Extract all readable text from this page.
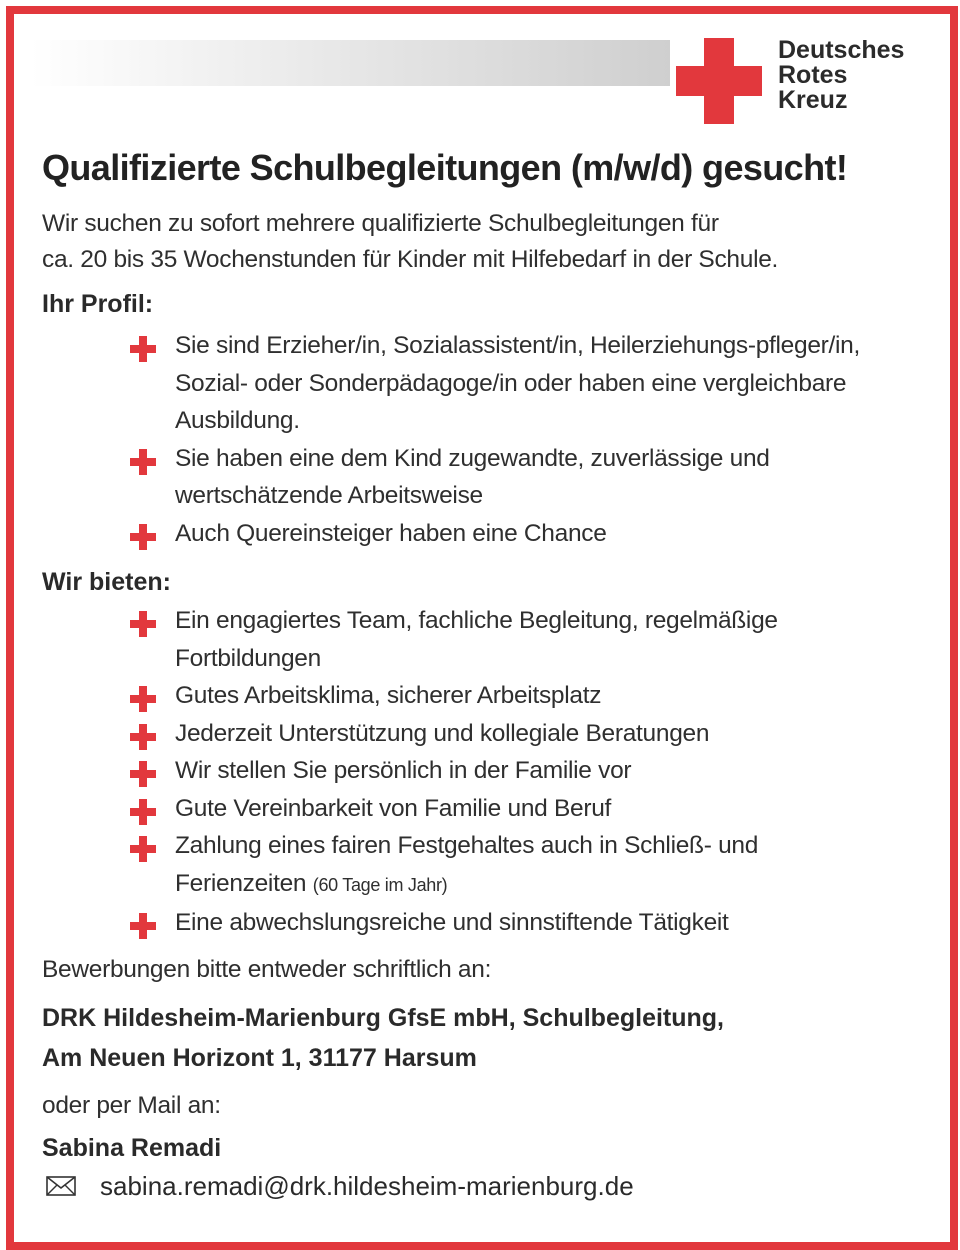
Deutsches
Rotes
Kreuz
Qualifizierte Schulbegleitungen (m/w/d) gesucht!
Wir suchen zu sofort mehrere qualifizierte Schulbegleitungen für
ca. 20 bis 35 Wochenstunden für Kinder mit Hilfebedarf in der Schule.
Ihr Profil:
Sie sind Erzieher/in, Sozialassistent/in, Heilerziehungs-pfleger/in, Sozial- oder Sonderpädagoge/in oder haben eine vergleichbare Ausbildung.
Sie haben eine dem Kind zugewandte, zuverlässige und wertschätzende Arbeitsweise
Auch Quereinsteiger haben eine Chance
Wir bieten:
Ein engagiertes Team, fachliche Begleitung, regelmäßige Fortbildungen
Gutes Arbeitsklima, sicherer Arbeitsplatz
Jederzeit Unterstützung und kollegiale Beratungen
Wir stellen Sie persönlich in der Familie vor
Gute Vereinbarkeit von Familie und Beruf
Zahlung eines fairen Festgehaltes auch in Schließ- und Ferienzeiten (60 Tage im Jahr)
Eine abwechslungsreiche und sinnstiftende Tätigkeit
Bewerbungen bitte entweder schriftlich an:
DRK Hildesheim-Marienburg GfsE mbH, Schulbegleitung,
Am Neuen Horizont 1, 31177 Harsum
oder per Mail an:
Sabina Remadi
sabina.remadi@drk.hildesheim-marienburg.de
